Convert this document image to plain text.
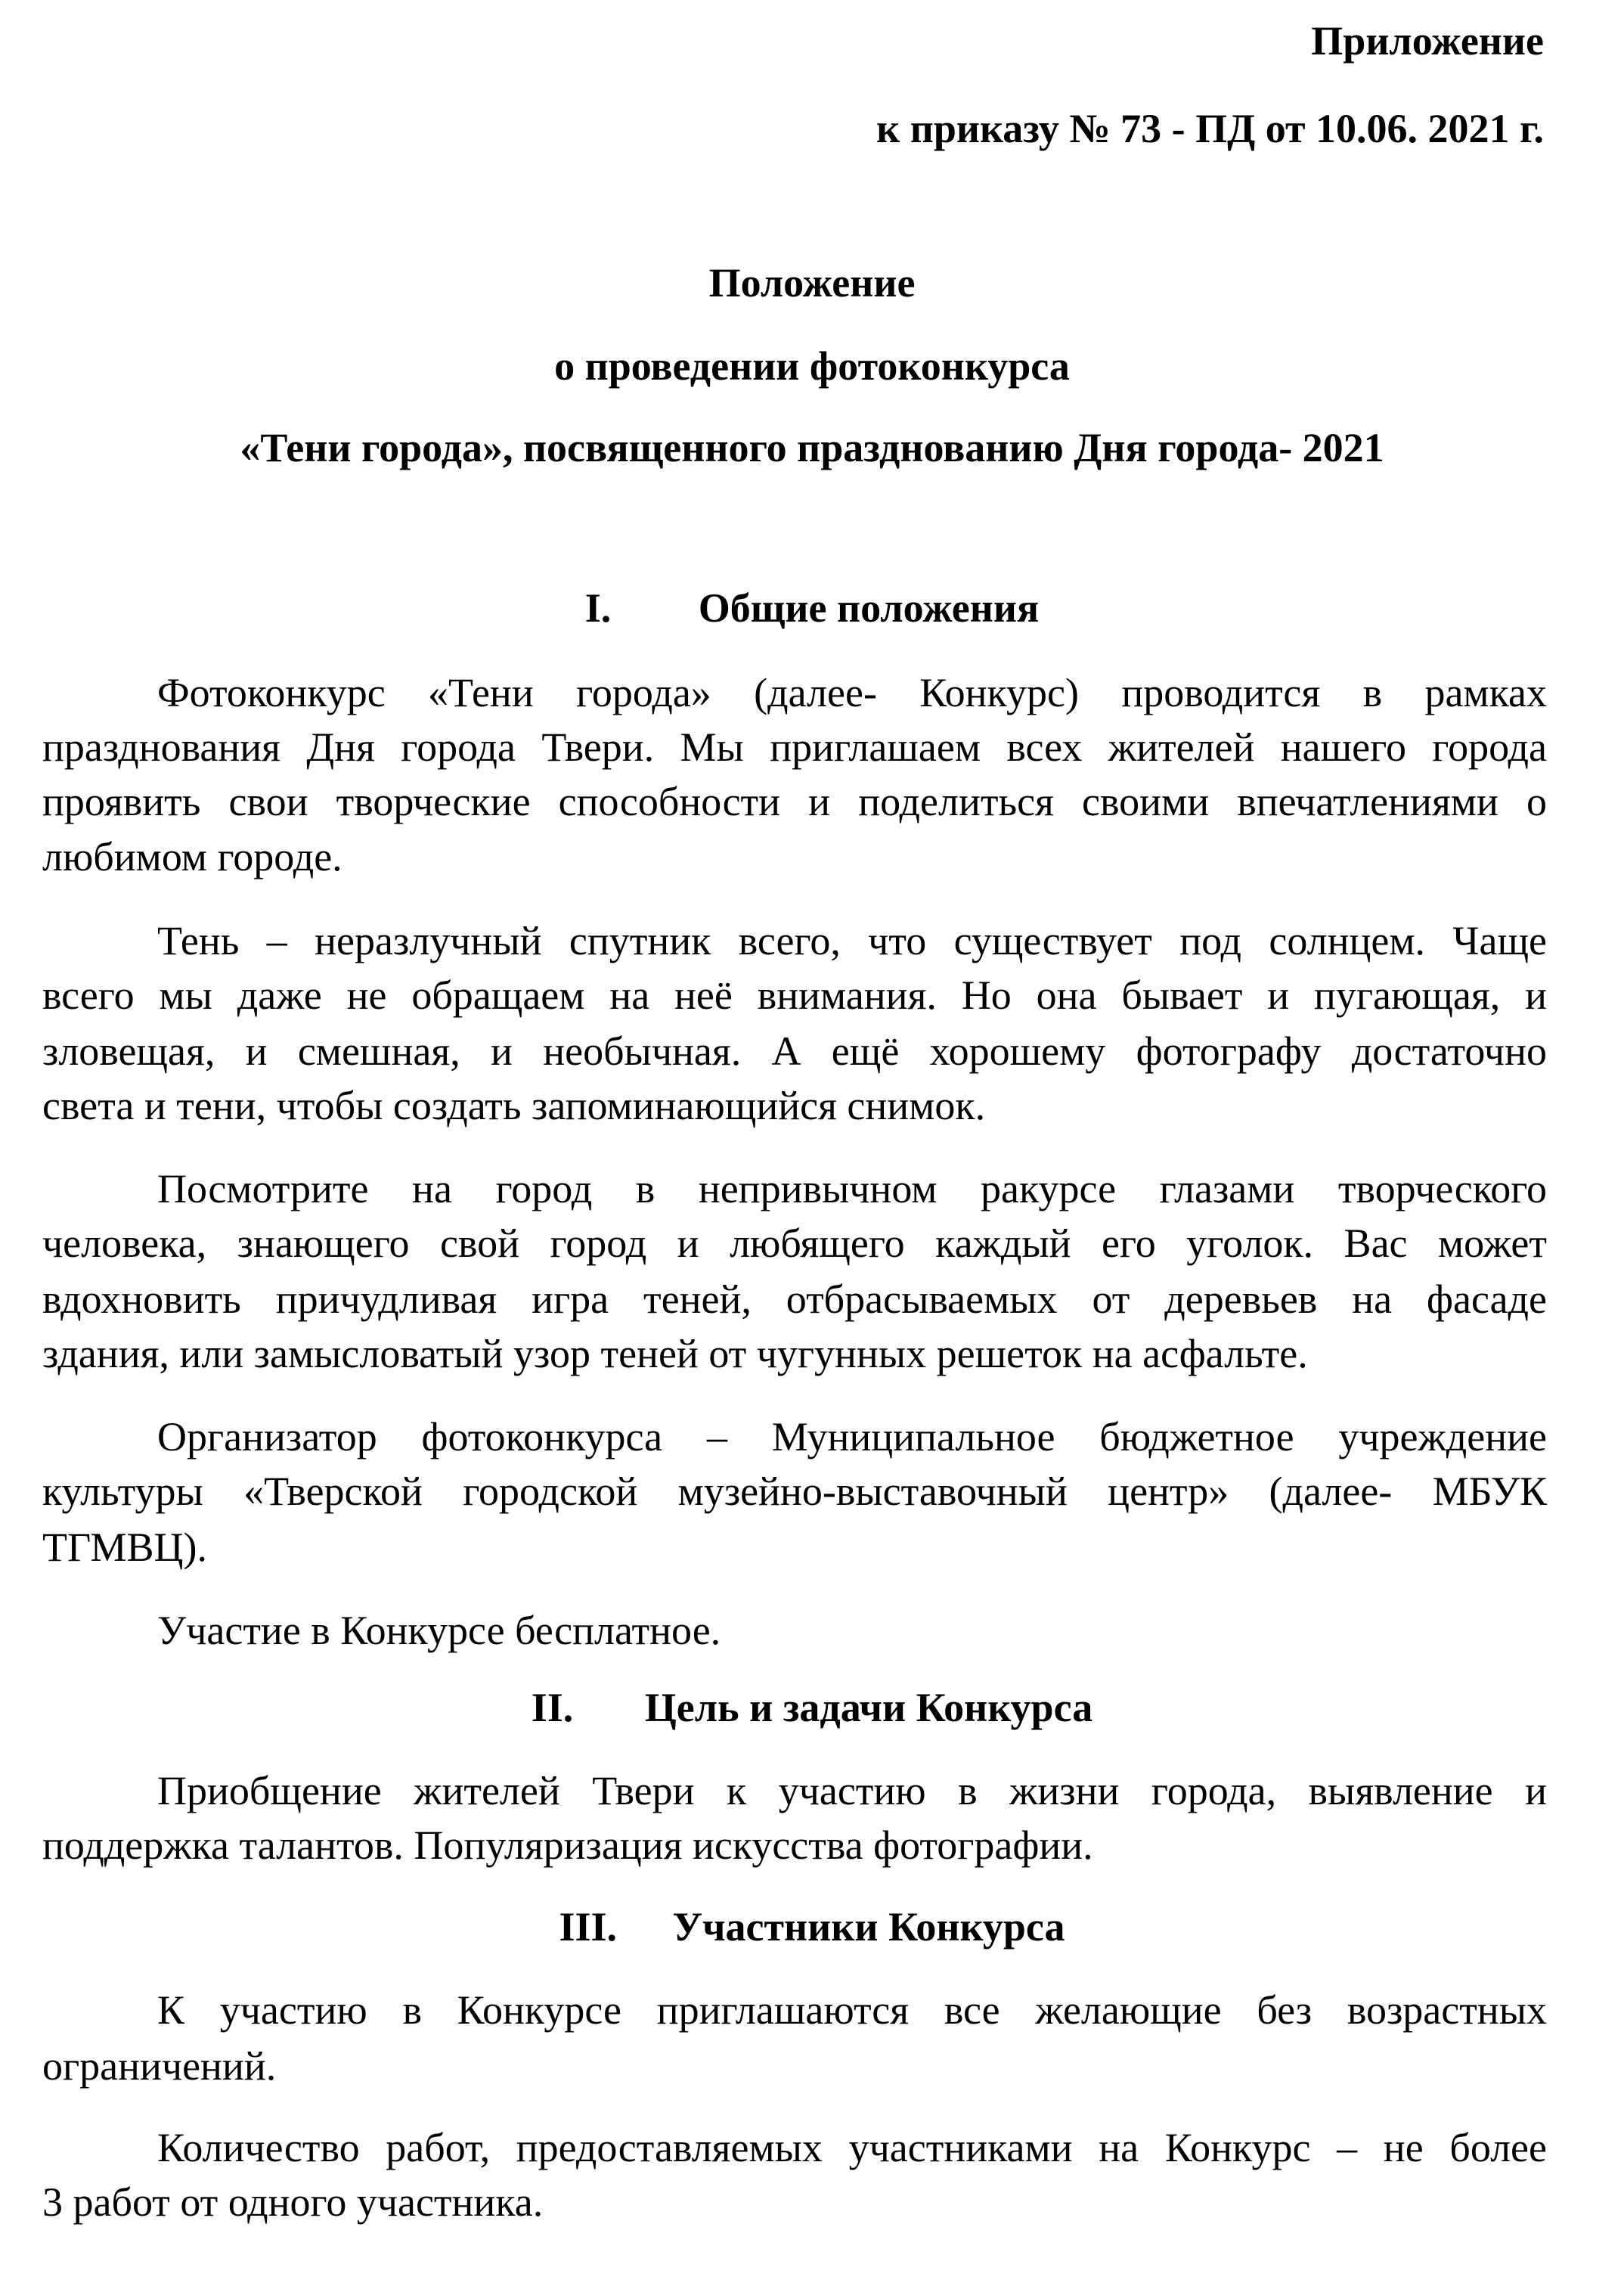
Приложение
к приказу № 73 - ПД от 10.06. 2021 г.
Положение
о проведении фотоконкурса
«Тени города», посвященного празднованию Дня города- 2021
I. Общие положения
Фотоконкурс «Тени города» (далее- Конкурс) проводится в рамках
празднования Дня города Твери. Мы приглашаем всех жителей нашего города
проявить свои творческие способности и поделиться своими впечатлениями о
любимом городе.
Тень – неразлучный спутник всего, что существует под солнцем. Чаще
всего мы даже не обращаем на неё внимания. Но она бывает и пугающая, и
зловещая, и смешная, и необычная. А ещё хорошему фотографу достаточно
света и тени, чтобы создать запоминающийся снимок.
Посмотрите на город в непривычном ракурсе глазами творческого
человека, знающего свой город и любящего каждый его уголок. Вас может
вдохновить причудливая игра теней, отбрасываемых от деревьев на фасаде
здания, или замысловатый узор теней от чугунных решеток на асфальте.
Организатор фотоконкурса – Муниципальное бюджетное учреждение
культуры «Тверской городской музейно-выставочный центр» (далее- МБУК
ТГМВЦ).
Участие в Конкурсе бесплатное.
II. Цель и задачи Конкурса
Приобщение жителей Твери к участию в жизни города, выявление и
поддержка талантов. Популяризация искусства фотографии.
III. Участники Конкурса
К участию в Конкурсе приглашаются все желающие без возрастных
ограничений.
Количество работ, предоставляемых участниками на Конкурс – не более
3 работ от одного участника.
